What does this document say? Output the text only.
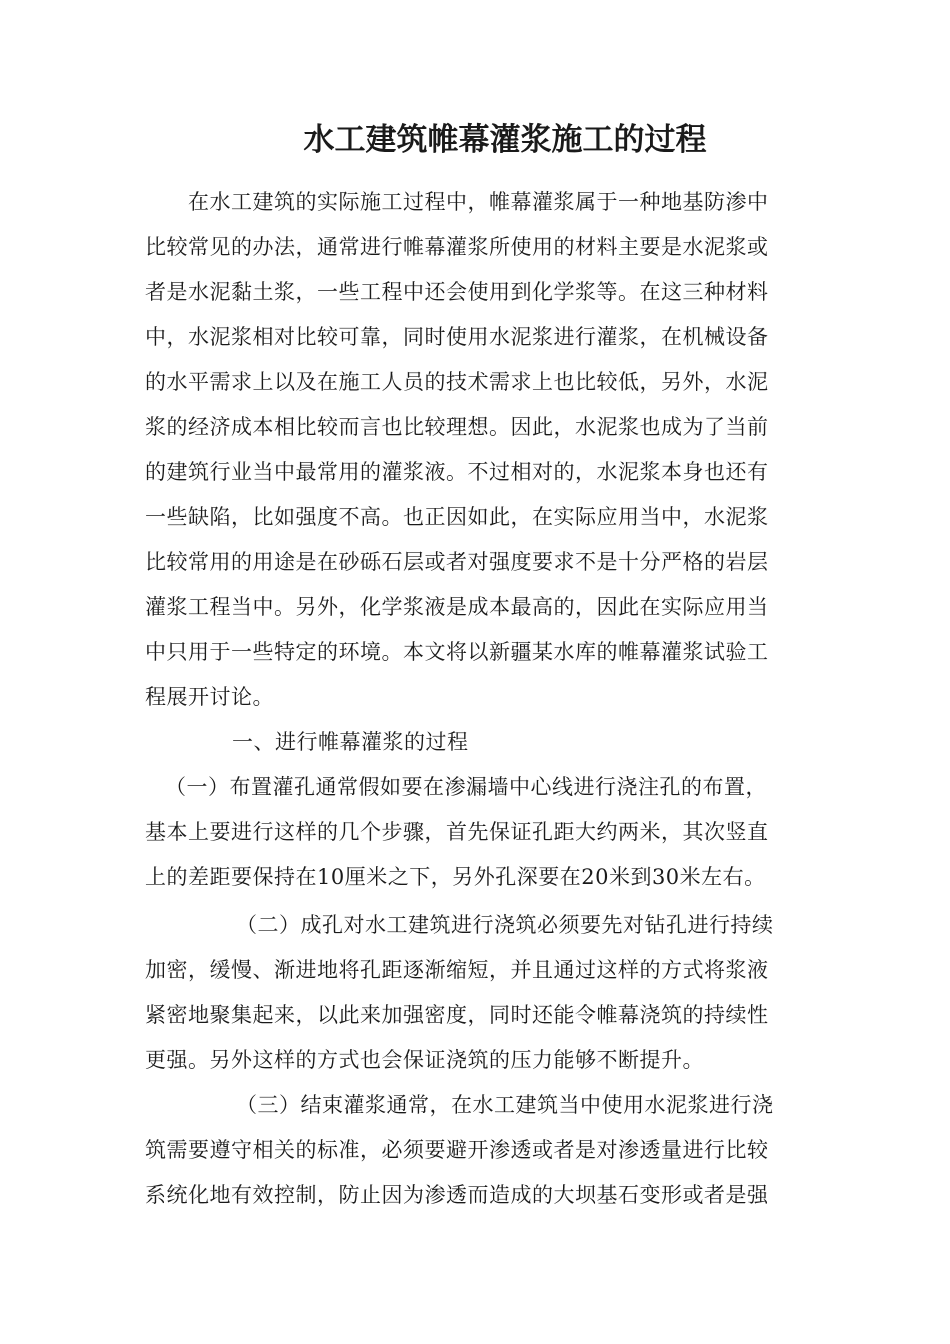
水工建筑帷幕灌浆施工的过程
在水工建筑的实际施工过程中，帷幕灌浆属于一种地基防渗中
比较常见的办法，通常进行帷幕灌浆所使用的材料主要是水泥浆或
者是水泥黏土浆，一些工程中还会使用到化学浆等。在这三种材料
中，水泥浆相对比较可靠，同时使用水泥浆进行灌浆，在机械设备
的水平需求上以及在施工人员的技术需求上也比较低，另外，水泥
浆的经济成本相比较而言也比较理想。因此，水泥浆也成为了当前
的建筑行业当中最常用的灌浆液。不过相对的，水泥浆本身也还有
一些缺陷，比如强度不高。也正因如此，在实际应用当中，水泥浆
比较常用的用途是在砂砾石层或者对强度要求不是十分严格的岩层
灌浆工程当中。另外，化学浆液是成本最高的，因此在实际应用当
中只用于一些特定的环境。本文将以新疆某水库的帷幕灌浆试验工
程展开讨论。
一、进行帷幕灌浆的过程
（一）布置灌孔通常假如要在渗漏墙中心线进行浇注孔的布置，
基本上要进行这样的几个步骤，首先保证孔距大约两米，其次竖直
上的差距要保持在10厘米之下，另外孔深要在20米到30米左右。
（二）成孔对水工建筑进行浇筑必须要先对钻孔进行持续
加密，缓慢、渐进地将孔距逐渐缩短，并且通过这样的方式将浆液
紧密地聚集起来，以此来加强密度，同时还能令帷幕浇筑的持续性
更强。另外这样的方式也会保证浇筑的压力能够不断提升。
（三）结束灌浆通常，在水工建筑当中使用水泥浆进行浇
筑需要遵守相关的标准，必须要避开渗透或者是对渗透量进行比较
系统化地有效控制，防止因为渗透而造成的大坝基石变形或者是强
